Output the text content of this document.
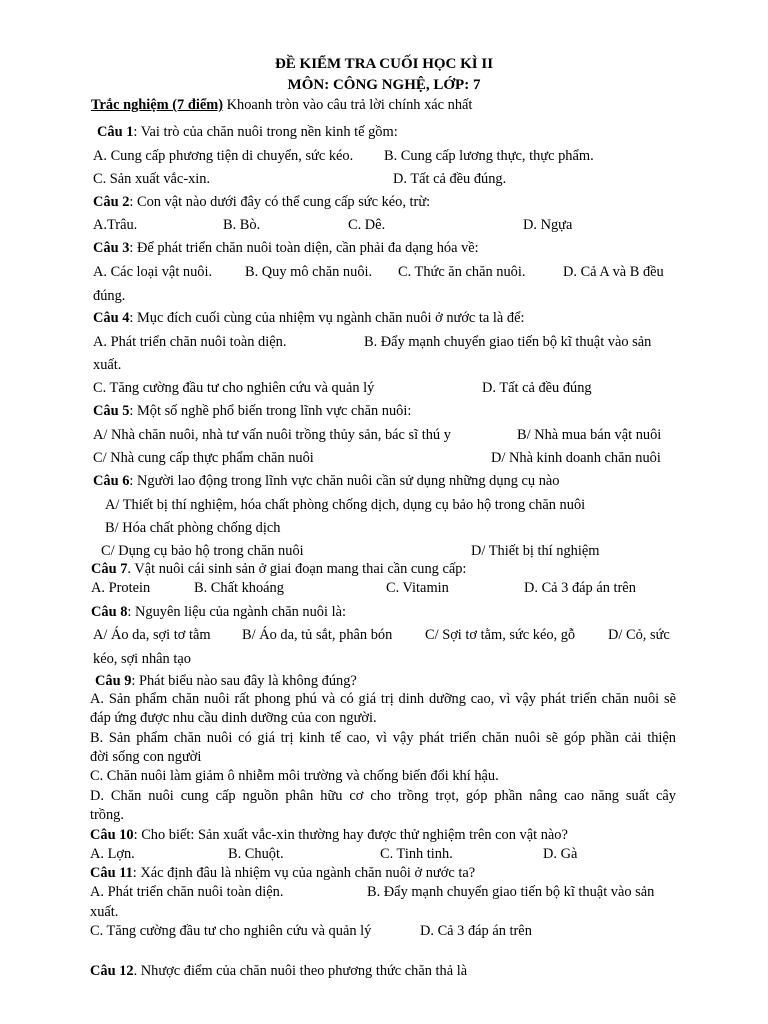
ĐỀ KIỂM TRA CUỐI HỌC KÌ II
MÔN: CÔNG NGHỆ, LỚP: 7
Trắc nghiệm (7 điểm) Khoanh tròn vào câu trả lời chính xác nhất
Câu 1: Vai trò của chăn nuôi trong nền kinh tế gồm:
A. Cung cấp phương tiện di chuyển, sức kéo. B. Cung cấp lương thực, thực phẩm.
C. Sản xuất vắc-xin.	D. Tất cả đều đúng.
Câu 2: Con vật nào dưới đây có thể cung cấp sức kéo, trừ:
A.Trâu.	B. Bò.	C. Dê.	D. Ngựa
Câu 3: Để phát triển chăn nuôi toàn diện, cần phải đa dạng hóa về:
A. Các loại vật nuôi. B. Quy mô chăn nuôi. C. Thức ăn chăn nuôi.	D. Cả A và B đều
đúng.
Câu 4: Mục đích cuối cùng của nhiệm vụ ngành chăn nuôi ở nước ta là để:
A. Phát triển chăn nuôi toàn diện.	B. Đẩy mạnh chuyển giao tiến bộ kĩ thuật vào sản
xuất.
C. Tăng cường đầu tư cho nghiên cứu và quản lý	D. Tất cả đều đúng
Câu 5: Một số nghề phổ biến trong lĩnh vực chăn nuôi:
A/ Nhà chăn nuôi, nhà tư vấn nuôi trồng thủy sản, bác sĩ thú y	B/ Nhà mua bán vật nuôi
C/ Nhà cung cấp thực phẩm chăn nuôi	D/ Nhà kinh doanh chăn nuôi
Câu 6: Người lao động trong lĩnh vực chăn nuôi cần sử dụng những dụng cụ nào
A/ Thiết bị thí nghiệm, hóa chất phòng chống dịch, dụng cụ bảo hộ trong chăn nuôi
B/ Hóa chất phòng chống dịch
C/ Dụng cụ bảo hộ trong chăn nuôi	D/ Thiết bị thí nghiệm
Câu 7. Vật nuôi cái sinh sản ở giai đoạn mang thai cần cung cấp:
A. Protein	B. Chất khoáng	C. Vitamin	D. Cả 3 đáp án trên
Câu 8: Nguyên liệu của ngành chăn nuôi là:
A/ Áo da, sợi tơ tằm B/ Áo da, tủ sắt, phân bón C/ Sợi tơ tằm, sức kéo, gỗ D/ Cỏ, sức
kéo, sợi nhân tạo
Câu 9: Phát biểu nào sau đây là không đúng?
A. Sản phẩm chăn nuôi rất phong phú và có giá trị dinh dưỡng cao, vì vậy phát triển chăn nuôi sẽ
đáp ứng được nhu cầu dinh dưỡng của con người.
B. Sản phẩm chăn nuôi có giá trị kinh tế cao, vì vậy phát triển chăn nuôi sẽ góp phần cải thiện
đời sống con người
C. Chăn nuôi làm giảm ô nhiễm môi trường và chống biến đổi khí hậu.
D. Chăn nuôi cung cấp nguồn phân hữu cơ cho trồng trọt, góp phần nâng cao năng suất cây
trồng.
Câu 10: Cho biết: Sản xuất vắc-xin thường hay được thử nghiệm trên con vật nào?
A. Lợn.	B. Chuột.	C. Tinh tinh.	D. Gà
Câu 11: Xác định đâu là nhiệm vụ của ngành chăn nuôi ở nước ta?
A. Phát triển chăn nuôi toàn diện.	B. Đẩy mạnh chuyển giao tiến bộ kĩ thuật vào sản
xuất.
C. Tăng cường đầu tư cho nghiên cứu và quản lý	D. Cả 3 đáp án trên
Câu 12. Nhược điểm của chăn nuôi theo phương thức chăn thả là
